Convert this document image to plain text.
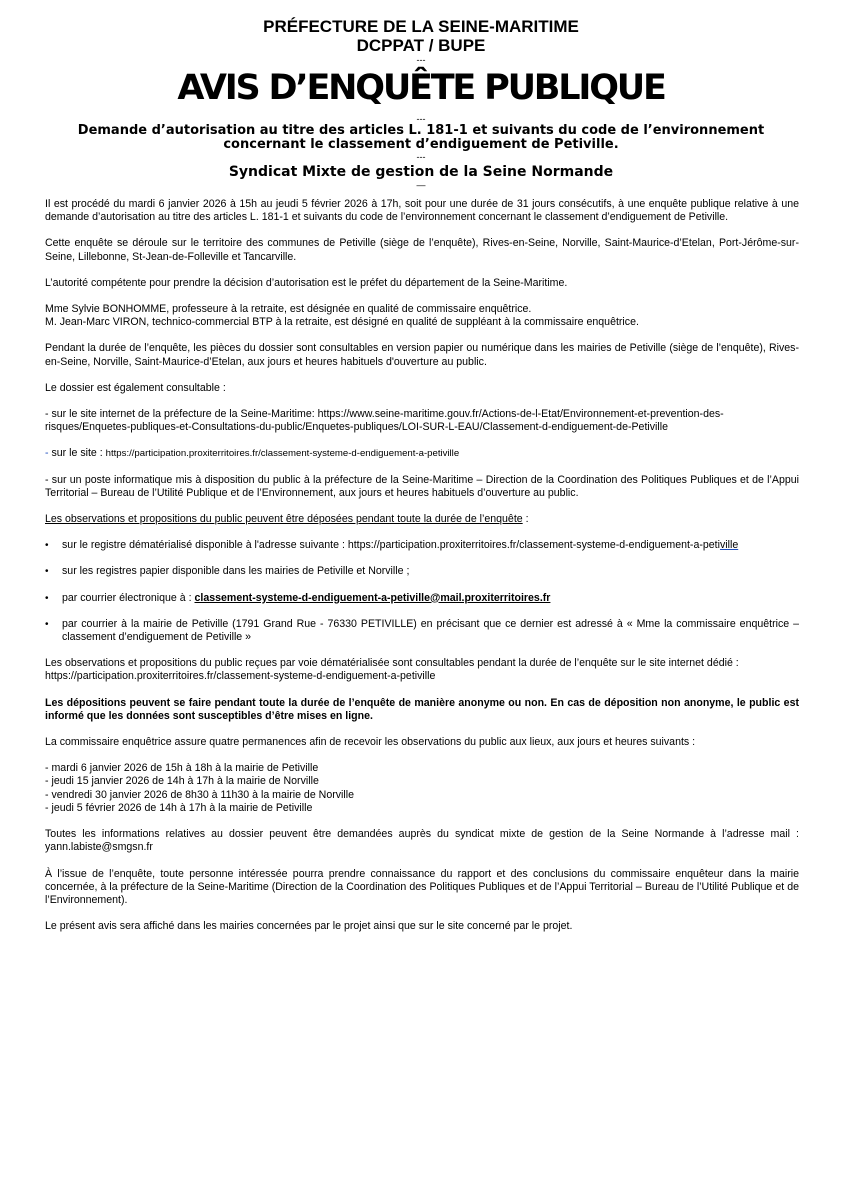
PRÉFECTURE DE LA SEINE-MARITIME
DCPPAT / BUPE
---
AVIS D’ENQUÊTE PUBLIQUE
---
Demande d’autorisation au titre des articles L. 181-1 et suivants du code de l’environnement concernant le classement d’endiguement de Petiville.
---
Syndicat Mixte de gestion de la Seine Normande
—

Il est procédé du mardi 6 janvier 2026 à 15h au jeudi 5 février 2026 à 17h, soit pour une durée de 31 jours consécutifs, à une enquête publique relative à une demande d’autorisation au titre des articles L. 181-1 et suivants du code de l’environnement concernant le classement d’endiguement de Petiville.

Cette enquête se déroule sur le territoire des communes de Petiville (siège de l’enquête), Rives-en-Seine, Norville, Saint-Maurice-d’Etelan, Port-Jérôme-sur-Seine, Lillebonne, St-Jean-de-Folleville et Tancarville.

L’autorité compétente pour prendre la décision d’autorisation est le préfet du département de la Seine-Maritime.

Mme Sylvie BONHOMME, professeure à la retraite, est désignée en qualité de commissaire enquêtrice.

M. Jean-Marc VIRON, technico-commercial BTP à la retraite, est désigné en qualité de suppléant à la commissaire enquêtrice.

Pendant la durée de l’enquête, les pièces du dossier sont consultables en version papier ou numérique dans les mairies de Petiville (siège de l’enquête), Rives-en-Seine, Norville, Saint-Maurice-d’Etelan, aux jours et heures habituels d'ouverture au public.

Le dossier est également consultable :

- sur le site internet de la préfecture de la Seine-Maritime: https://www.seine-maritime.gouv.fr/Actions-de-l-Etat/Environnement-et-prevention-des-risques/Enquetes-publiques-et-Consultations-du-public/Enquetes-publiques/LOI-SUR-L-EAU/Classement-d-endiguement-de-Petiville

- sur le site : https://participation.proxiterritoires.fr/classement-systeme-d-endiguement-a-petiville

- sur un poste informatique mis à disposition du public à la préfecture de la Seine-Maritime – Direction de la Coordination des Politiques Publiques et de l’Appui Territorial – Bureau de l’Utilité Publique et de l’Environnement, aux jours et heures habituels d’ouverture au public.

Les observations et propositions du public peuvent être déposées pendant toute la durée de l’enquête :

• sur le registre dématérialisé disponible à l'adresse suivante : https://participation.proxiterritoires.fr/classement-systeme-d-endiguement-a-petiville
• sur les registres papier disponible dans les mairies de Petiville et Norville ;
• par courrier électronique à : classement-systeme-d-endiguement-a-petiville@mail.proxiterritoires.fr
• par courrier à la mairie de Petiville (1791 Grand Rue - 76330 PETIVILLE) en précisant que ce dernier est adressé à « Mme la commissaire enquêtrice – classement d’endiguement de Petiville »

Les observations et propositions du public reçues par voie dématérialisée sont consultables pendant la durée de l’enquête sur le site internet dédié : https://participation.proxiterritoires.fr/classement-systeme-d-endiguement-a-petiville

Les dépositions peuvent se faire pendant toute la durée de l’enquête de manière anonyme ou non. En cas de déposition non anonyme, le public est informé que les données sont susceptibles d’être mises en ligne.

La commissaire enquêtrice assure quatre permanences afin de recevoir les observations du public aux lieux, aux jours et heures suivants :

- mardi 6 janvier 2026 de 15h à 18h à la mairie de Petiville
- jeudi 15 janvier 2026 de 14h à 17h à la mairie de Norville
- vendredi 30 janvier 2026 de 8h30 à 11h30 à la mairie de Norville
- jeudi 5 février 2026 de 14h à 17h à la mairie de Petiville

Toutes les informations relatives au dossier peuvent être demandées auprès du syndicat mixte de gestion de la Seine Normande à l’adresse mail : yann.labiste@smgsn.fr

À l’issue de l’enquête, toute personne intéressée pourra prendre connaissance du rapport et des conclusions du commissaire enquêteur dans la mairie concernée, à la préfecture de la Seine-Maritime (Direction de la Coordination des Politiques Publiques et de l’Appui Territorial – Bureau de l’Utilité Publique et de l’Environnement).

Le présent avis sera affiché dans les mairies concernées par le projet ainsi que sur le site concerné par le projet.
